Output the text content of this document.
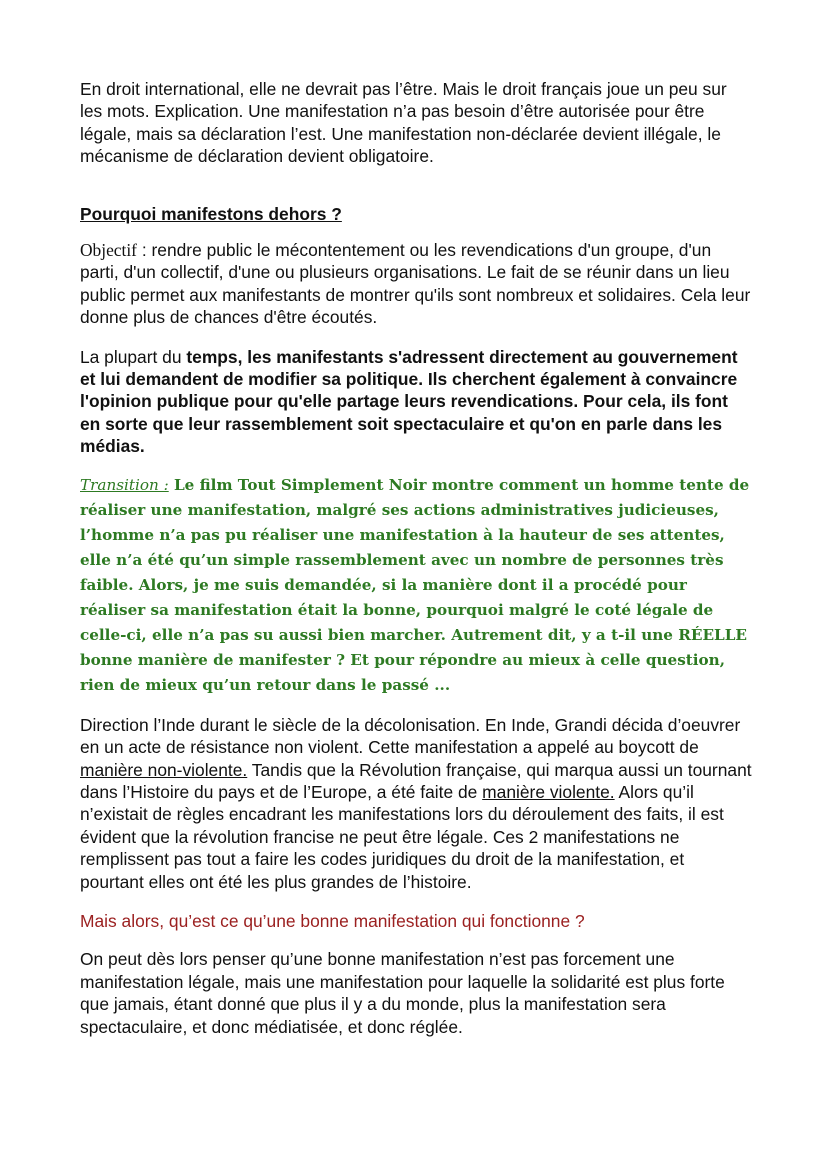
En droit international, elle ne devrait pas l’être. Mais le droit français joue un peu sur les mots. Explication. Une manifestation n’a pas besoin d’être autorisée pour être légale, mais sa déclaration l’est. Une manifestation non-déclarée devient illégale, le mécanisme de déclaration devient obligatoire.

Pourquoi manifestons dehors ?

Objectif : rendre public le mécontentement ou les revendications d'un groupe, d'un parti, d'un collectif, d'une ou plusieurs organisations. Le fait de se réunir dans un lieu public permet aux manifestants de montrer qu'ils sont nombreux et solidaires. Cela leur donne plus de chances d'être écoutés.

La plupart du temps, les manifestants s'adressent directement au gouvernement et lui demandent de modifier sa politique. Ils cherchent également à convaincre l'opinion publique pour qu'elle partage leurs revendications. Pour cela, ils font en sorte que leur rassemblement soit spectaculaire et qu'on en parle dans les médias.

Transition : Le film Tout Simplement Noir montre comment un homme tente de réaliser une manifestation, malgré ses actions administratives judicieuses, l’homme n’a pas pu réaliser une manifestation à la hauteur de ses attentes, elle n’a été qu’un simple rassemblement avec un nombre de personnes très faible. Alors, je me suis demandée, si la manière dont il a procédé pour réaliser sa manifestation était la bonne, pourquoi malgré le coté légale de celle-ci, elle n’a pas su aussi bien marcher. Autrement dit, y a t-il une RÉELLE bonne manière de manifester ? Et pour répondre au mieux à celle question, rien de mieux qu’un retour dans le passé ...

Direction l’Inde durant le siècle de la décolonisation. En Inde, Grandi décida d’oeuvrer en un acte de résistance non violent. Cette manifestation a appelé au boycott de manière non-violente. Tandis que la Révolution française, qui marqua aussi un tournant dans l’Histoire du pays et de l’Europe, a été faite de manière violente. Alors qu’il n’existait de règles encadrant les manifestations lors du déroulement des faits, il est évident que la révolution francise ne peut être légale. Ces 2 manifestations ne remplissent pas tout a faire les codes juridiques du droit de la manifestation, et pourtant elles ont été les plus grandes de l’histoire.

Mais alors, qu’est ce qu’une bonne manifestation qui fonctionne ?

On peut dès lors penser qu’une bonne manifestation n’est pas forcement une manifestation légale, mais une manifestation pour laquelle la solidarité est plus forte que jamais, étant donné que plus il y a du monde, plus la manifestation sera spectaculaire, et donc médiatisée, et donc réglée.
